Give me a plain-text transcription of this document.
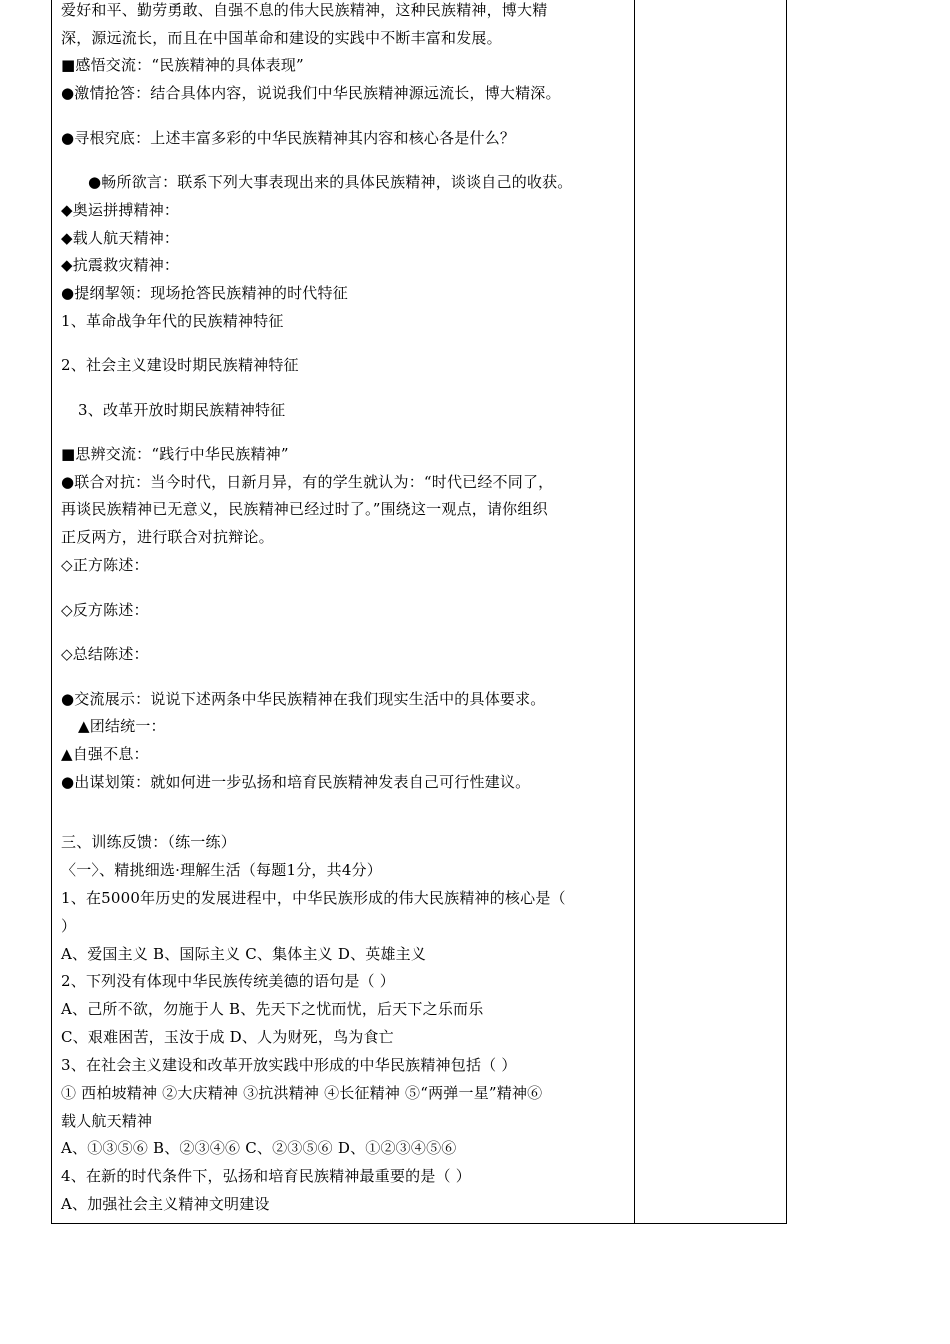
爱好和平、勤劳勇敢、自强不息的伟大民族精神，这种民族精神，博大精
深，源远流长，而且在中国革命和建设的实践中不断丰富和发展。
■感悟交流：“民族精神的具体表现”
●激情抢答：结合具体内容，说说我们中华民族精神源远流长，博大精深。
●寻根究底：上述丰富多彩的中华民族精神其内容和核心各是什么？
●畅所欲言：联系下列大事表现出来的具体民族精神，谈谈自己的收获。
◆奥运拼搏精神：
◆载人航天精神：
◆抗震救灾精神：
●提纲挈领：现场抢答民族精神的时代特征
1、革命战争年代的民族精神特征
2、社会主义建设时期民族精神特征
3、改革开放时期民族精神特征
■思辨交流：“践行中华民族精神”
●联合对抗：当今时代，日新月异，有的学生就认为：“时代已经不同了，
再谈民族精神已无意义，民族精神已经过时了。”围绕这一观点，请你组织
正反两方，进行联合对抗辩论。
◇正方陈述：
◇反方陈述：
◇总结陈述：
●交流展示：说说下述两条中华民族精神在我们现实生活中的具体要求。
▲团结统一：
▲自强不息：
●出谋划策：就如何进一步弘扬和培育民族精神发表自己可行性建议。
三、训练反馈：（练一练）
〈一〉、精挑细选·理解生活（每题1分，共4分）
1、在5000年历史的发展进程中，中华民族形成的伟大民族精神的核心是（
）
A、爱国主义 B、国际主义 C、集体主义 D、英雄主义
2、下列没有体现中华民族传统美德的语句是（ ）
A、己所不欲，勿施于人 B、先天下之忧而忧，后天下之乐而乐
C、艰难困苦，玉汝于成 D、人为财死，鸟为食亡
3、在社会主义建设和改革开放实践中形成的中华民族精神包括（ ）
① 西柏坡精神 ②大庆精神 ③抗洪精神 ④长征精神 ⑤“两弹一星”精神⑥
载人航天精神
A、①③⑤⑥ B、②③④⑥ C、②③⑤⑥ D、①②③④⑤⑥
4、在新的时代条件下，弘扬和培育民族精神最重要的是（ ）
A、加强社会主义精神文明建设
